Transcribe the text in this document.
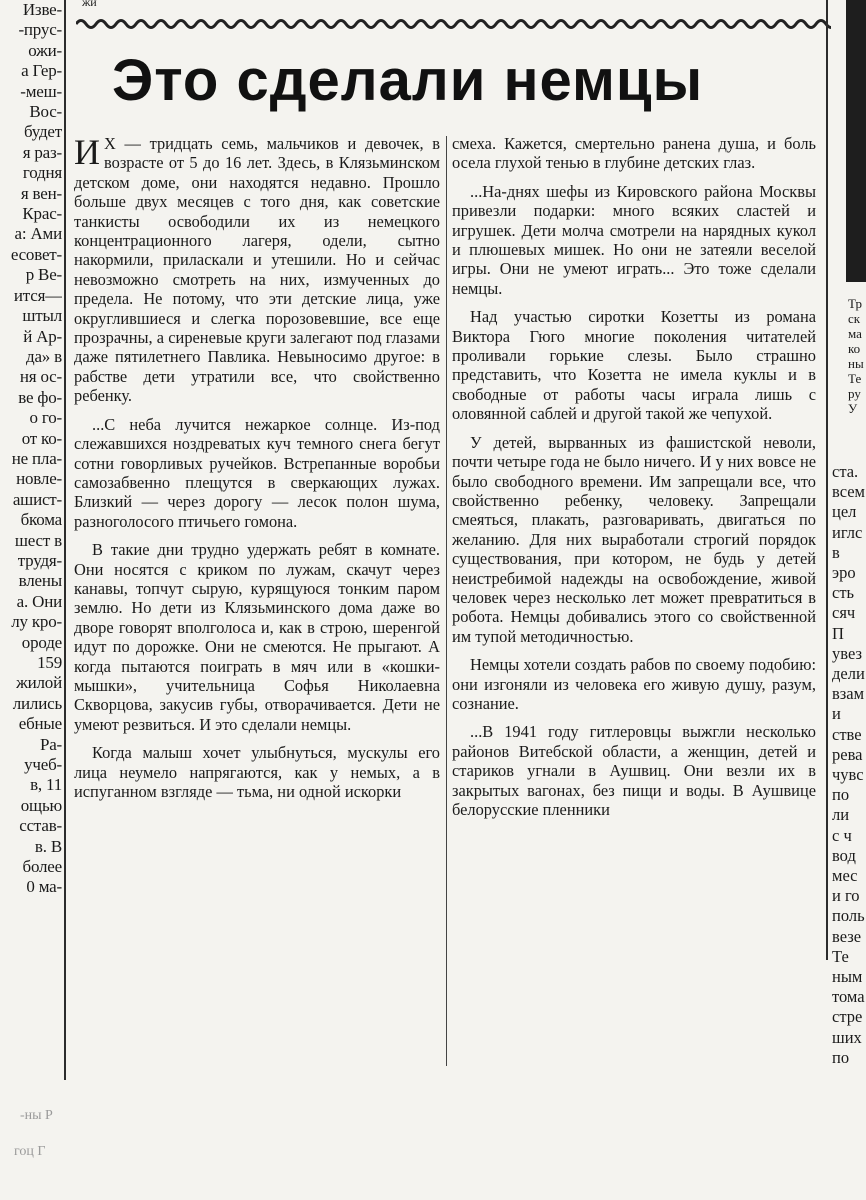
Изве-
-прус-
ожи-
а Гер-
-меш-
Вос-
будет
я раз-
годня
я вен-
Крас-
а: Ами
есовет-
р Ве-
ится—
штыл
й Ар-
да» в
ня ос-
ве фо-
о го-
от ко-
не пла-
новле-
ашист-
бкома
шест в
трудя-
влены
а. Они
лу кро-
ороде
159
жилой
лились
ебные
Ра-
учеб-
в, 11
ощью
сстав-
в. В
более
0 ма-
жи
Это сделали немцы

И Х — тридцать семь, мальчиков и девочек, в возрасте от 5 до 16 лет. Здесь, в Клязьминском детском доме, они находятся недавно. Прошло больше двух месяцев с того дня, как советские танкисты освободили их из немецкого концентрационного лагеря, одели, сытно накормили, приласкали и утешили. Но и сейчас невозможно смотреть на них, измученных до предела. Не потому, что эти детские лица, уже округлившиеся и слегка порозовевшие, все еще прозрачны, а сиреневые круги залегают под глазами даже пятилетнего Павлика. Невыносимо другое: в рабстве дети утратили все, что свойственно ребенку.

...С неба лучится нежаркое солнце. Из-под слежавшихся ноздреватых куч темного снега бегут сотни говорливых ручейков. Встрепанные воробьи самозабвенно плещутся в сверкающих лужах. Близкий — через дорогу — лесок полон шума, разноголосого птичьего гомона.

В такие дни трудно удержать ребят в комнате. Они носятся с криком по лужам, скачут через канавы, топчут сырую, курящуюся тонким паром землю. Но дети из Клязьминского дома даже во дворе говорят вполголоса и, как в строю, шеренгой идут по дорожке. Они не смеются. Не прыгают. А когда пытаются поиграть в мяч или в «кошки-мышки», учительница Софья Николаевна Скворцова, закусив губы, отворачивается. Дети не умеют резвиться. И это сделали немцы.

Когда малыш хочет улыбнуться, мускулы его лица неумело напрягаются, как у немых, а в испуганном взгляде — тьма, ни одной искорки

смеха. Кажется, смертельно ранена душа, и боль осела глухой тенью в глубине детских глаз.

...На-днях шефы из Кировского района Москвы привезли подарки: много всяких сластей и игрушек. Дети молча смотрели на нарядных кукол и плюшевых мишек. Но они не затеяли веселой игры. Они не умеют играть... Это тоже сделали немцы.

Над участью сиротки Козетты из романа Виктора Гюго многие поколения читателей проливали горькие слезы. Было страшно представить, что Козетта не имела куклы и в свободные от работы часы играла лишь с оловянной саблей и другой такой же чепухой.

У детей, вырванных из фашистской неволи, почти четыре года не было ничего. И у них вовсе не было свободного времени. Им запрещали все, что свойственно ребенку, человеку. Запрещали смеяться, плакать, разговаривать, двигаться по желанию. Для них выработали строгий порядок существования, при котором, не будь у детей неистребимой надежды на освобождение, живой человек через несколько лет может превратиться в робота. Немцы добивались этого со свойственной им тупой методичностью.

Немцы хотели создать рабов по своему подобию: они изгоняли из человека его живую душу, разум, сознание.

...В 1941 году гитлеровцы выжгли несколько районов Витебской области, а женщин, детей и стариков угнали в Аушвиц. Они везли их в закрытых вагонах, без пищи и воды. В Аушвице белорусские пленники

Тр
ск
ма
ко
ны
Те
ру
У
ста.
всем
цел
иглс
в
эро
сть
сяч
П
увез
дели
взам
и
стве
рева
чувс
по
ли
с ч
вод
мес
и го
поль
везе
Те
ным
тома
стре
ших
по
-ны Р
гоц Г
